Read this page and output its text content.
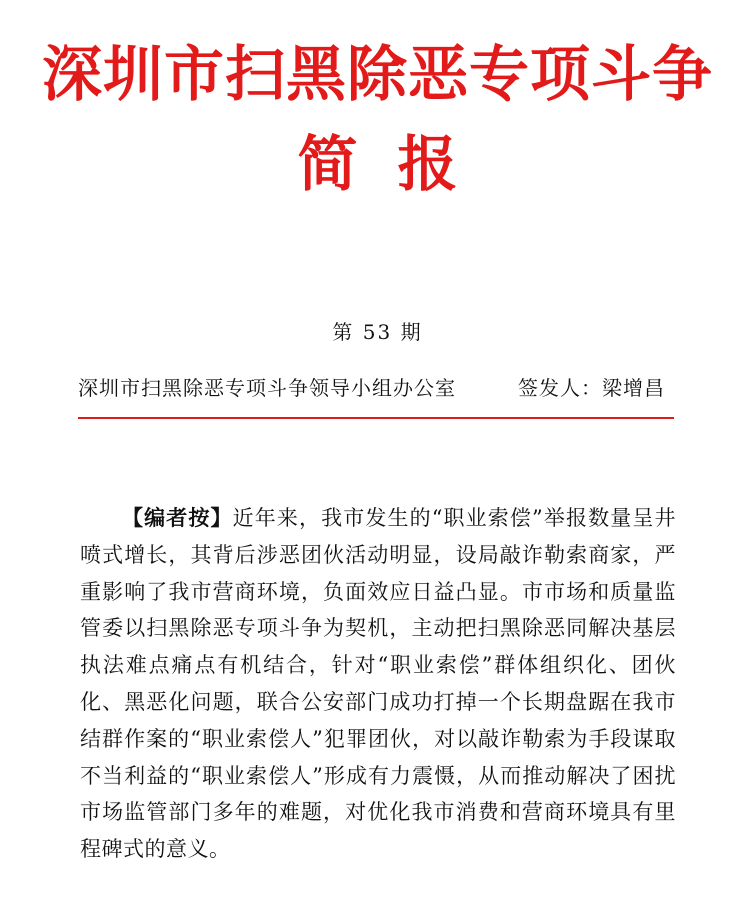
深圳市扫黑除恶专项斗争
简报
第 53 期
深圳市扫黑除恶专项斗争领导小组办公室	签发人：梁增昌

【编者按】近年来，我市发生的“职业索偿”举报数量呈井喷式增长，其背后涉恶团伙活动明显，设局敲诈勒索商家，严重影响了我市营商环境，负面效应日益凸显。市市场和质量监管委以扫黑除恶专项斗争为契机，主动把扫黑除恶同解决基层执法难点痛点有机结合，针对“职业索偿”群体组织化、团伙化、黑恶化问题，联合公安部门成功打掉一个长期盘踞在我市结群作案的“职业索偿人”犯罪团伙，对以敲诈勒索为手段谋取不当利益的“职业索偿人”形成有力震慑，从而推动解决了困扰市场监管部门多年的难题，对优化我市消费和营商环境具有里程碑式的意义。
